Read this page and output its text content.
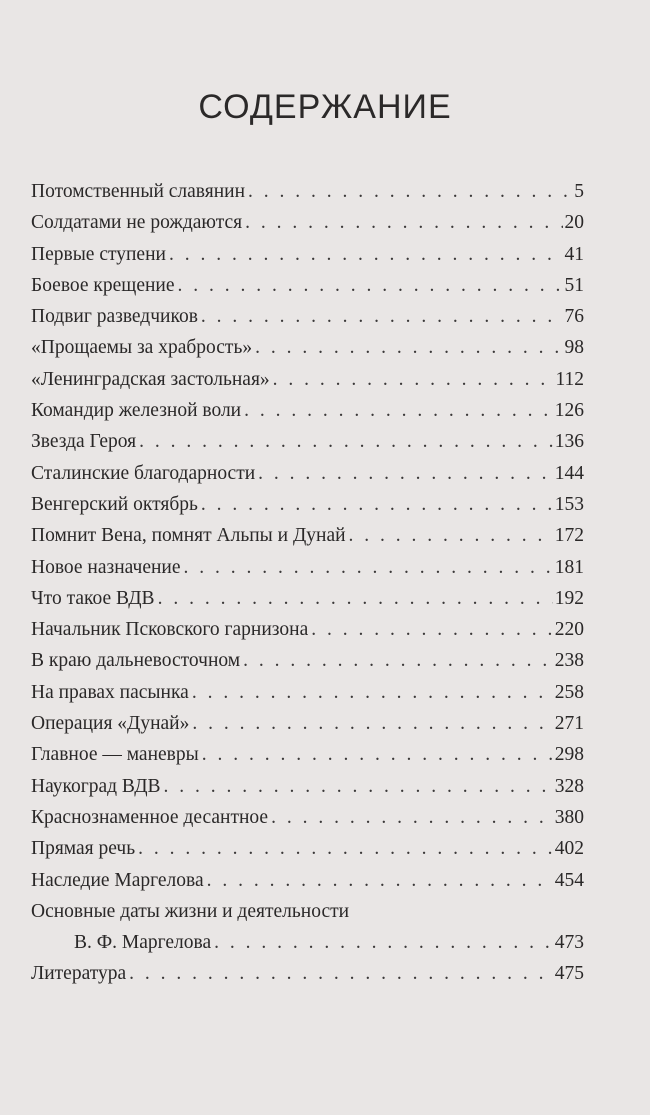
СОДЕРЖАНИЕ
Потомственный славянин . . .	5
Солдатами не рождаются . . .	20
Первые ступени . . .	41
Боевое крещение . . .	51
Подвиг разведчиков . . .	76
«Прощаемы за храбрость» . . .	98
«Ленинградская застольная» . . .	112
Командир железной воли . . .	126
Звезда Героя . . .	136
Сталинские благодарности . . .	144
Венгерский октябрь . . .	153
Помнит Вена, помнят Альпы и Дунай . . .	172
Новое назначение . . .	181
Что такое ВДВ . . .	192
Начальник Псковского гарнизона . . .	220
В краю дальневосточном . . .	238
На правах пасынка . . .	258
Операция «Дунай» . . .	271
Главное — маневры . . .	298
Наукоград ВДВ . . .	328
Краснознаменное десантное . . .	380
Прямая речь . . .	402
Наследие Маргелова . . .	454
Основные даты жизни и деятельности
В. Ф. Маргелова . . .	473
Литература . . .	475
